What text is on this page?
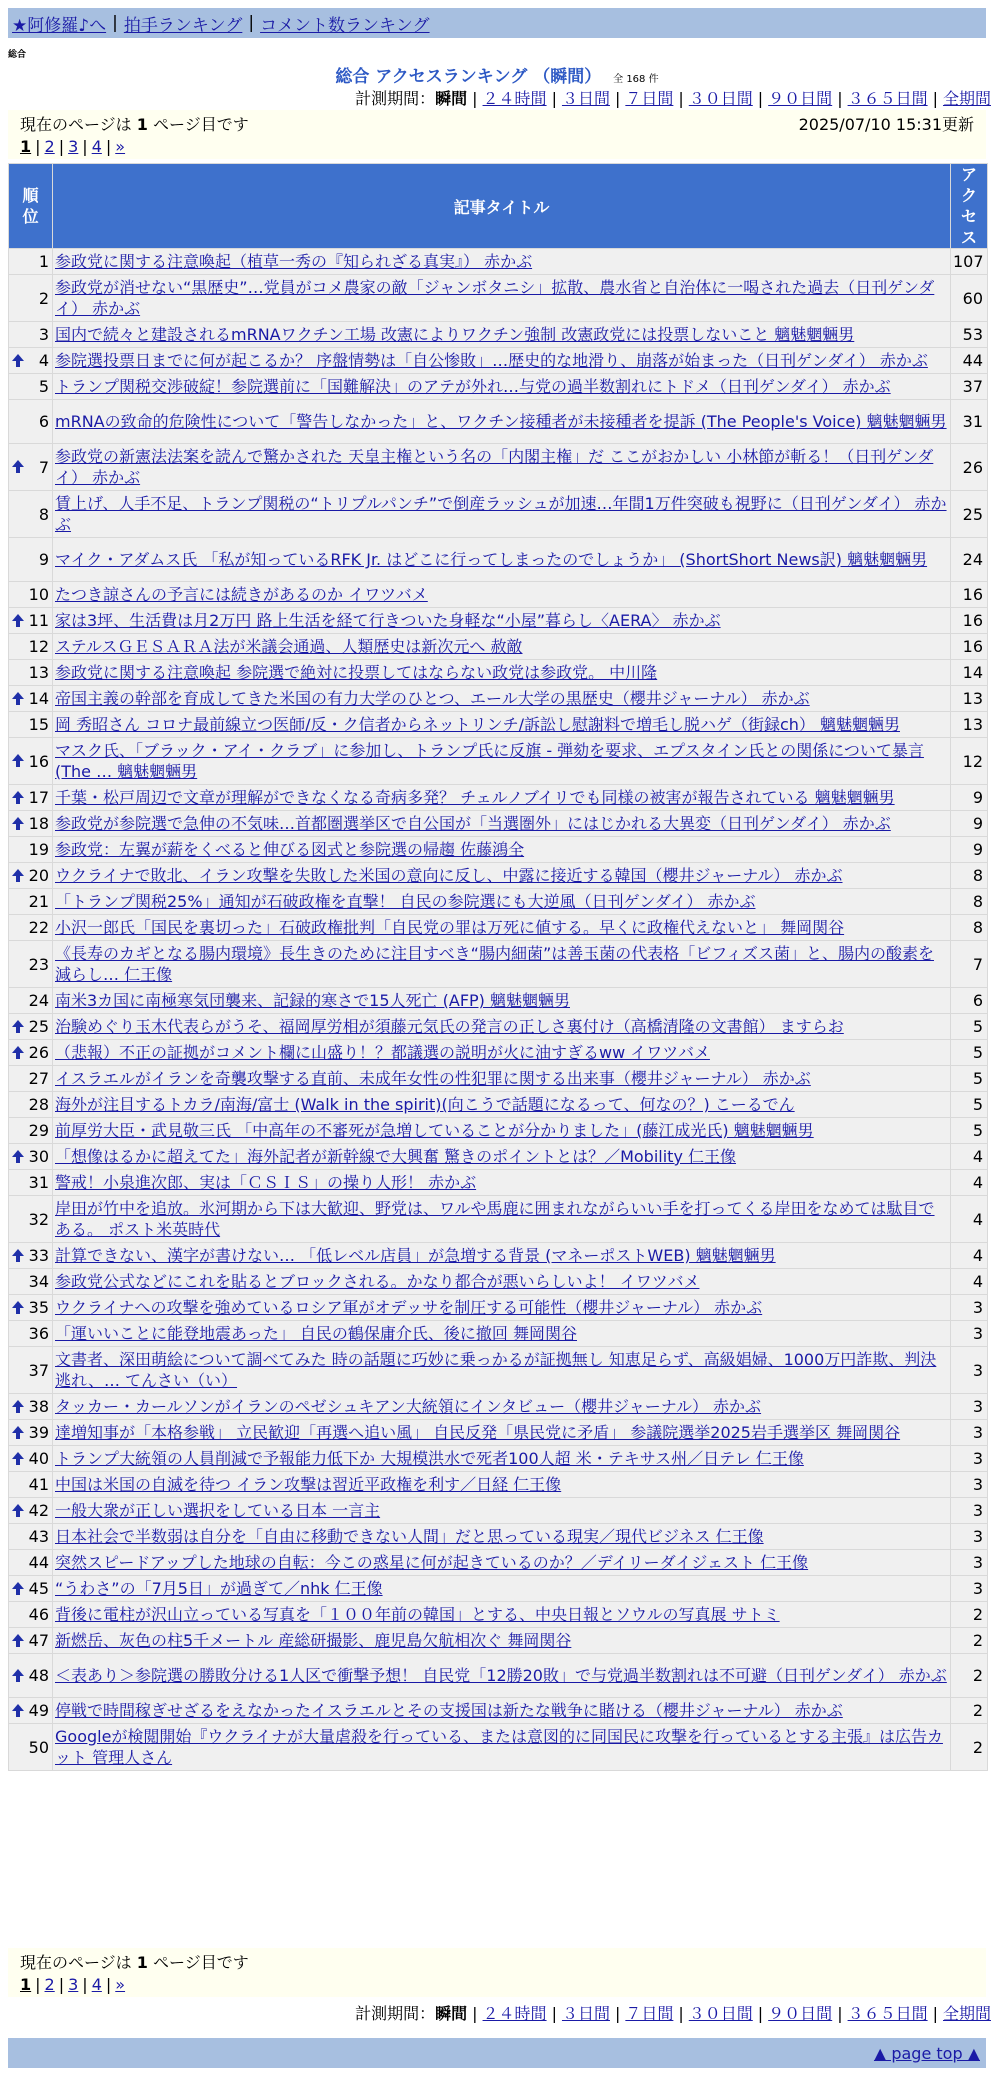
★阿修羅♪へ | 拍手ランキング | コメント数ランキング
総合
総合 アクセスランキング （瞬間） 全 168 件
計測期間：瞬間 | ２４時間 | ３日間 | ７日間 | ３０日間 | ９０日間 | ３６５日間 | 全期間
現在のページは 1 ページ目です	2025/07/10 15:31更新
1 | 2 | 3 | 4 | »
順位	記事タイトル	アクセス

1	参政党に関する注意喚起（植草一秀の『知られざる真実』） 赤かぶ	107
2	参政党が消せない“黒歴史”…党員がコメ農家の敵「ジャンボタニシ」拡散、農水省と自治体に一喝された過去（日刊ゲンダイ） 赤かぶ	60
3	国内で続々と建設されるmRNAワクチン工場 改憲によりワクチン強制 改憲政党には投票しないこと 魑魅魍魎男	53

4	参院選投票日までに何が起こるか？ 序盤情勢は「自公惨敗」…歴史的な地滑り、崩落が始まった（日刊ゲンダイ） 赤かぶ	44
5	トランプ関税交渉破綻！参院選前に「国難解決」のアテが外れ…与党の過半数割れにトドメ（日刊ゲンダイ） 赤かぶ	37
6	mRNAの致命的危険性について「警告しなかった」と、ワクチン接種者が未接種者を提訴 (The People's Voice) 魑魅魍魎男	31

7	参政党の新憲法法案を読んで驚かされた 天皇主権という名の「内閣主権」だ ここがおかしい 小林節が斬る！（日刊ゲンダイ） 赤かぶ	26
8	賃上げ、人手不足、トランプ関税の“トリプルパンチ”で倒産ラッシュが加速…年間1万件突破も視野に（日刊ゲンダイ） 赤かぶ	25
9	マイク・アダムス氏 「私が知っているRFK Jr. はどこに行ってしまったのでしょうか」 (ShortShort News訳) 魑魅魍魎男	24
10	たつき諒さんの予言には続きがあるのか イワツバメ	16

11	家は3坪、生活費は月2万円 路上生活を経て行きついた身軽な“小屋”暮らし〈AERA〉 赤かぶ	16
12	ステルスＧＥＳＡＲＡ法が米議会通過、人類歴史は新次元へ 赦敵	16
13	参政党に関する注意喚起 参院選で絶対に投票してはならない政党は参政党。 中川隆	14

14	帝国主義の幹部を育成してきた米国の有力大学のひとつ、エール大学の黒歴史（櫻井ジャーナル） 赤かぶ	13
15	岡 秀昭さん コロナ最前線立つ医師/反・ク信者からネットリンチ/訴訟し慰謝料で増毛し脱ハゲ（街録ch） 魑魅魍魎男	13

16	マスク氏、「ブラック・アイ・クラブ」に参加し、トランプ氏に反旗 - 弾劾を要求、エプスタイン氏との関係について暴言 (The … 魑魅魍魎男	12

17	千葉・松戸周辺で文章が理解ができなくなる奇病多発？ チェルノブイリでも同様の被害が報告されている 魑魅魍魎男	9

18	参政党が参院選で急伸の不気味…首都圏選挙区で自公国が「当選圏外」にはじかれる大異変（日刊ゲンダイ） 赤かぶ	9
19	参政党：左翼が薪をくべると伸びる図式と参院選の帰趨 佐藤鴻全	9

20	ウクライナで敗北、イラン攻撃を失敗した米国の意向に反し、中露に接近する韓国（櫻井ジャーナル） 赤かぶ	8
21	「トランプ関税25%」通知が石破政権を直撃！ 自民の参院選にも大逆風（日刊ゲンダイ） 赤かぶ	8
22	小沢一郎氏「国民を裏切った」石破政権批判「自民党の罪は万死に値する。早くに政権代えないと」 舞岡関谷	8
23	《長寿のカギとなる腸内環境》長生きのために注目すべき“腸内細菌”は善玉菌の代表格「ビフィズス菌」と、腸内の酸素を減らし… 仁王像	7
24	南米3カ国に南極寒気団襲来、記録的寒さで15人死亡 (AFP) 魑魅魍魎男	6

25	治験めぐり玉木代表らがうそ、福岡厚労相が須藤元気氏の発言の正しさ裏付け（高橋清隆の文書館） ますらお	5

26	（悲報）不正の証拠がコメント欄に山盛り！？都議選の説明が火に油すぎるww イワツバメ	5
27	イスラエルがイランを奇襲攻撃する直前、未成年女性の性犯罪に関する出来事（櫻井ジャーナル） 赤かぶ	5
28	海外が注目するトカラ/南海/富士 (Walk in the spirit)(向こうで話題になるって、何なの？) こーるでん	5
29	前厚労大臣・武見敬三氏 「中高年の不審死が急増していることが分かりました」(藤江成光氏) 魑魅魍魎男	5

30	「想像はるかに超えてた」海外記者が新幹線で大興奮 驚きのポイントとは？／Mobility 仁王像	4
31	警戒！小泉進次郎、実は「ＣＳＩＳ」の操り人形！ 赤かぶ	4
32	岸田が竹中を追放。氷河期から下は大歓迎、野党は、ワルや馬鹿に囲まれながらいい手を打ってくる岸田をなめては駄目である。 ポスト米英時代	4

33	計算できない、漢字が書けない… 「低レベル店員」が急増する背景 (マネーポストWEB) 魑魅魍魎男	4
34	参政党公式などにこれを貼るとブロックされる。かなり都合が悪いらしいよ！ イワツバメ	4

35	ウクライナへの攻撃を強めているロシア軍がオデッサを制圧する可能性（櫻井ジャーナル） 赤かぶ	3
36	「運いいことに能登地震あった」 自民の鶴保庸介氏、後に撤回 舞岡関谷	3
37	文書者、深田萌絵について調べてみた 時の話題に巧妙に乗っかるが証拠無し 知恵足らず、高級娼婦、1000万円詐欺、判決逃れ、… てんさい（い）	3

38	タッカー・カールソンがイランのペゼシュキアン大統領にインタビュー（櫻井ジャーナル） 赤かぶ	3

39	達増知事が「本格参戦」 立民歓迎「再選へ追い風」 自民反発「県民党に矛盾」 参議院選挙2025岩手選挙区 舞岡関谷	3

40	トランプ大統領の人員削減で予報能力低下か 大規模洪水で死者100人超 米・テキサス州／日テレ 仁王像	3
41	中国は米国の自滅を待つ イラン攻撃は習近平政権を利す／日経 仁王像	3

42	一般大衆が正しい選択をしている日本 一言主	3
43	日本社会で半数弱は自分を「自由に移動できない人間」だと思っている現実／現代ビジネス 仁王像	3
44	突然スピードアップした地球の自転：今この惑星に何が起きているのか？／デイリーダイジェスト 仁王像	3

45	“うわさ”の「7月5日」が過ぎて／nhk 仁王像	3
46	背後に電柱が沢山立っている写真を「１００年前の韓国」とする、中央日報とソウルの写真展 サトミ	2

47	新燃岳、灰色の柱5千メートル 産総研撮影、鹿児島欠航相次ぐ 舞岡関谷	2

48	＜表あり＞参院選の勝敗分ける1人区で衝撃予想！ 自民党「12勝20敗」で与党過半数割れは不可避（日刊ゲンダイ） 赤かぶ	2

49	停戦で時間稼ぎせざるをえなかったイスラエルとその支援国は新たな戦争に賭ける（櫻井ジャーナル） 赤かぶ	2
50	Googleが検閲開始『ウクライナが大量虐殺を行っている、または意図的に同国民に攻撃を行っているとする主張』は広告カット 管理人さん	2
現在のページは 1 ページ目です
1 | 2 | 3 | 4 | »
計測期間：瞬間 | ２４時間 | ３日間 | ７日間 | ３０日間 | ９０日間 | ３６５日間 | 全期間
▲ page top ▲
